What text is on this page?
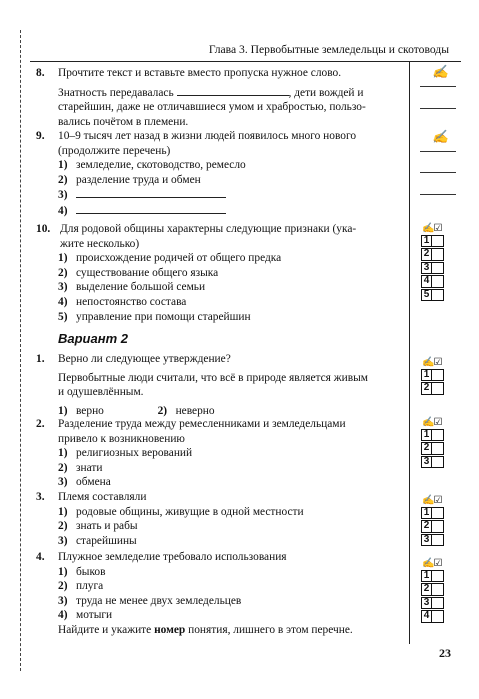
Глава 3. Первобытные земледельцы и скотоводы
8. Прочтите текст и вставьте вместо пропуска нужное слово.
Знатность передавалась	, дети вождей и
старейшин, даже не отличавшиеся умом и храбростью, пользо-
вались почётом в племени.
✍
9. 10–9 тысяч лет назад в жизни людей появилось много нового
(продолжите перечень)
1) земледелие, скотоводство, ремесло
2) разделение труда и обмен
3)
4)
✍
10. Для родовой общины характерны следующие признаки (ука-
жите несколько)
1) происхождение родичей от общего предка
2) существование общего языка
3) выделение большой семьи
4) непостоянство состава
5) управление при помощи старейшин
✍☑
1
2
3
4
5
Вариант 2
1. Верно ли следующее утверждение?
Первобытные люди считали, что всё в природе является живым
и одушевлённым.
1) верно	2) неверно
✍☑
1
2
2. Разделение труда между ремесленниками и земледельцами
привело к возникновению
1) религиозных верований
2) знати
3) обмена
✍☑
1
2
3
3. Племя составляли
1) родовые общины, живущие в одной местности
2) знать и рабы
3) старейшины
✍☑
1
2
3
4. Плужное земледелие требовало использования
1) быков
2) плуга
3) труда не менее двух земледельцев
4) мотыги
Найдите и укажите номер понятия, лишнего в этом перечне.
✍☑
1
2
3
4
23
